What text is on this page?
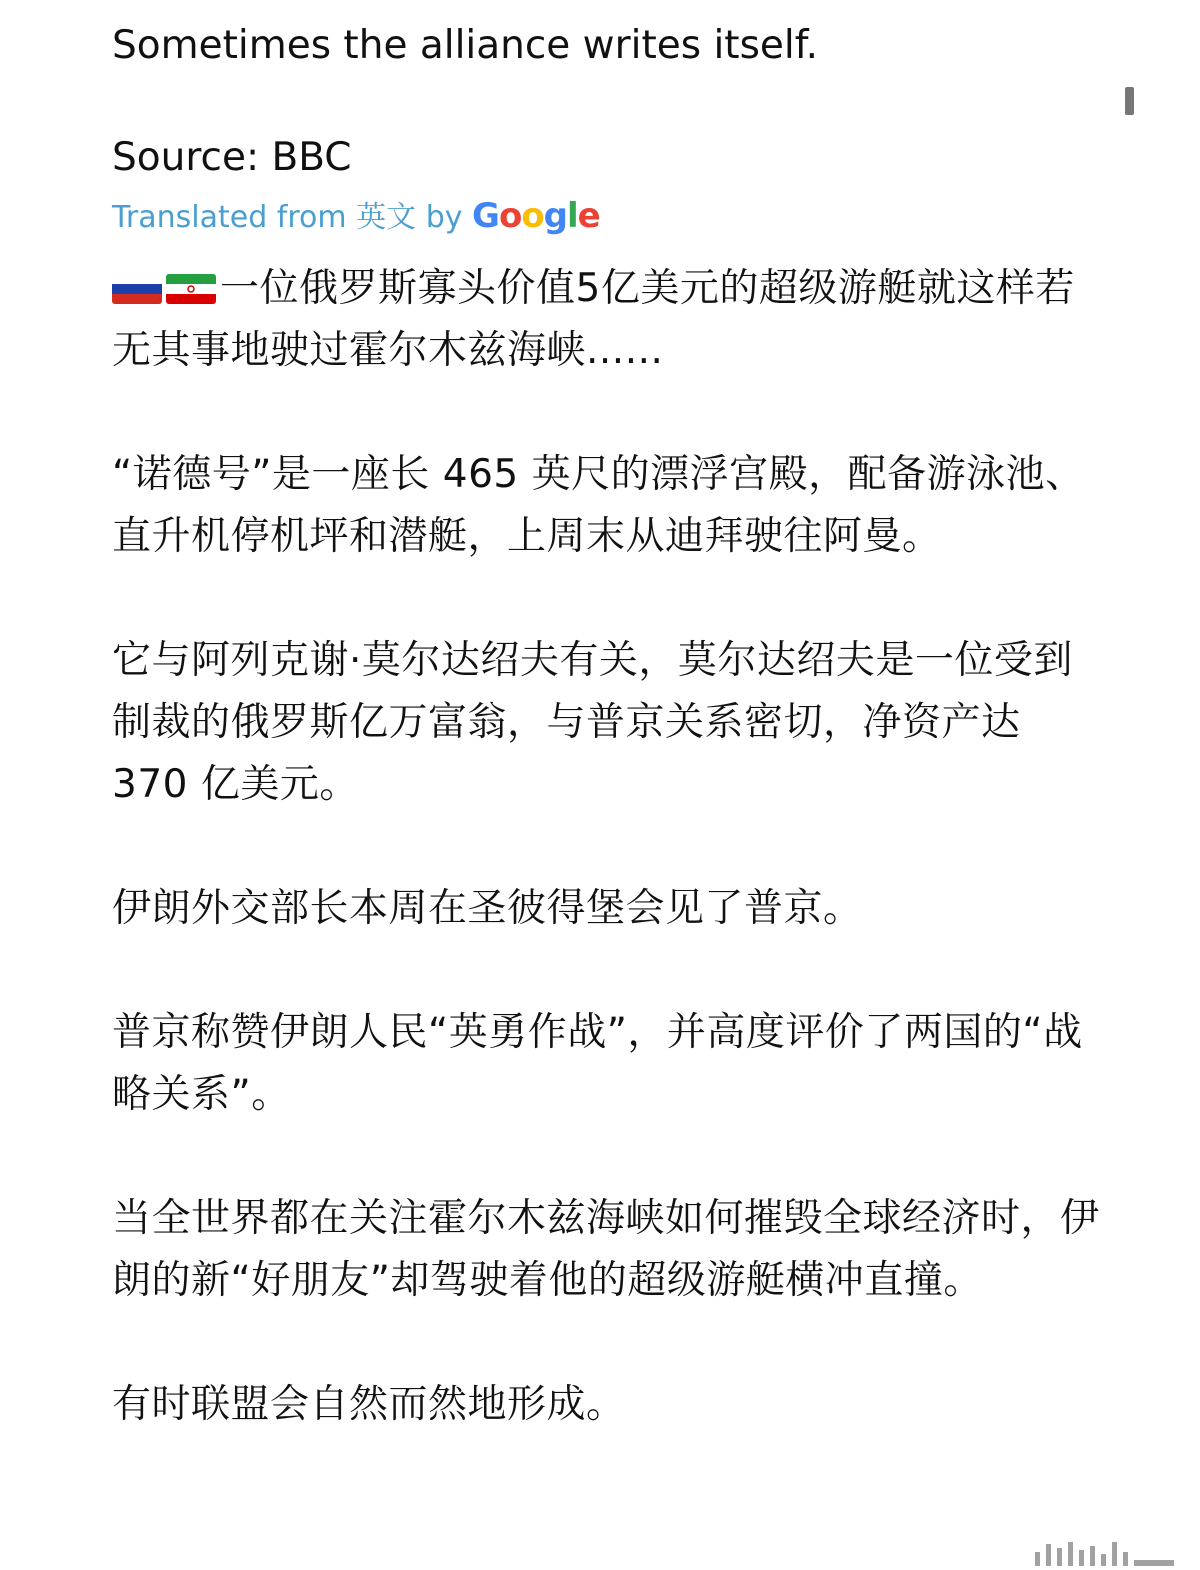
Sometimes the alliance writes itself.

Source: BBC

Translated from 英文 by Google

一位俄罗斯寡头价值5亿美元的超级游艇就这样若无其事地驶过霍尔木兹海峡......

“诺德号”是一座长 465 英尺的漂浮宫殿，配备游泳池、直升机停机坪和潜艇，上周末从迪拜驶往阿曼。

它与阿列克谢·莫尔达绍夫有关，莫尔达绍夫是一位受到制裁的俄罗斯亿万富翁，与普京关系密切，净资产达 370 亿美元。

伊朗外交部长本周在圣彼得堡会见了普京。

普京称赞伊朗人民“英勇作战”，并高度评价了两国的“战略关系”。

当全世界都在关注霍尔木兹海峡如何摧毁全球经济时，伊朗的新“好朋友”却驾驶着他的超级游艇横冲直撞。

有时联盟会自然而然地形成。
